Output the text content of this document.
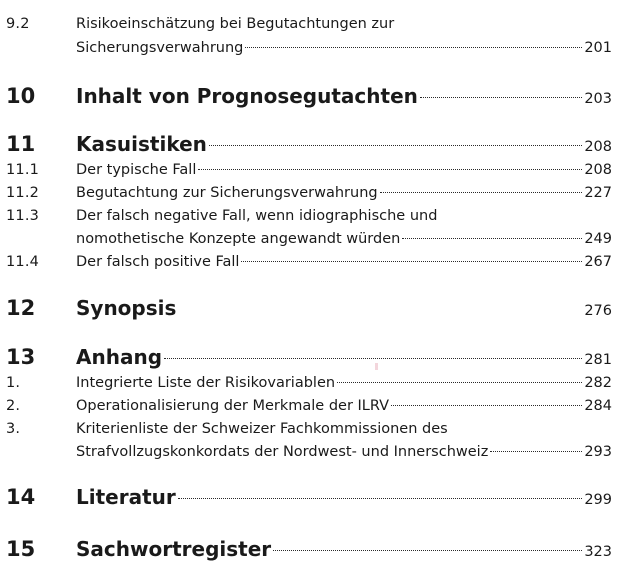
9.2	Risikoeinschätzung bei Begutachtungen zur
Sicherungsverwahrung	201
10 Inhalt von Prognosegutachten	203
11 Kasuistiken	208
11.1	Der typische Fall	208
11.2	Begutachtung zur Sicherungsverwahrung	227
11.3	Der falsch negative Fall, wenn idiographische und
nomothetische Konzepte angewandt würden	249
11.4	Der falsch positive Fall	267
12 Synopsis	276
13 Anhang	281
1.	Integrierte Liste der Risikovariablen	282
2.	Operationalisierung der Merkmale der ILRV	284
3.	Kriterienliste der Schweizer Fachkommissionen des
Strafvollzugskonkordats der Nordwest- und Innerschweiz	293
14 Literatur	299
15 Sachwortregister	323
